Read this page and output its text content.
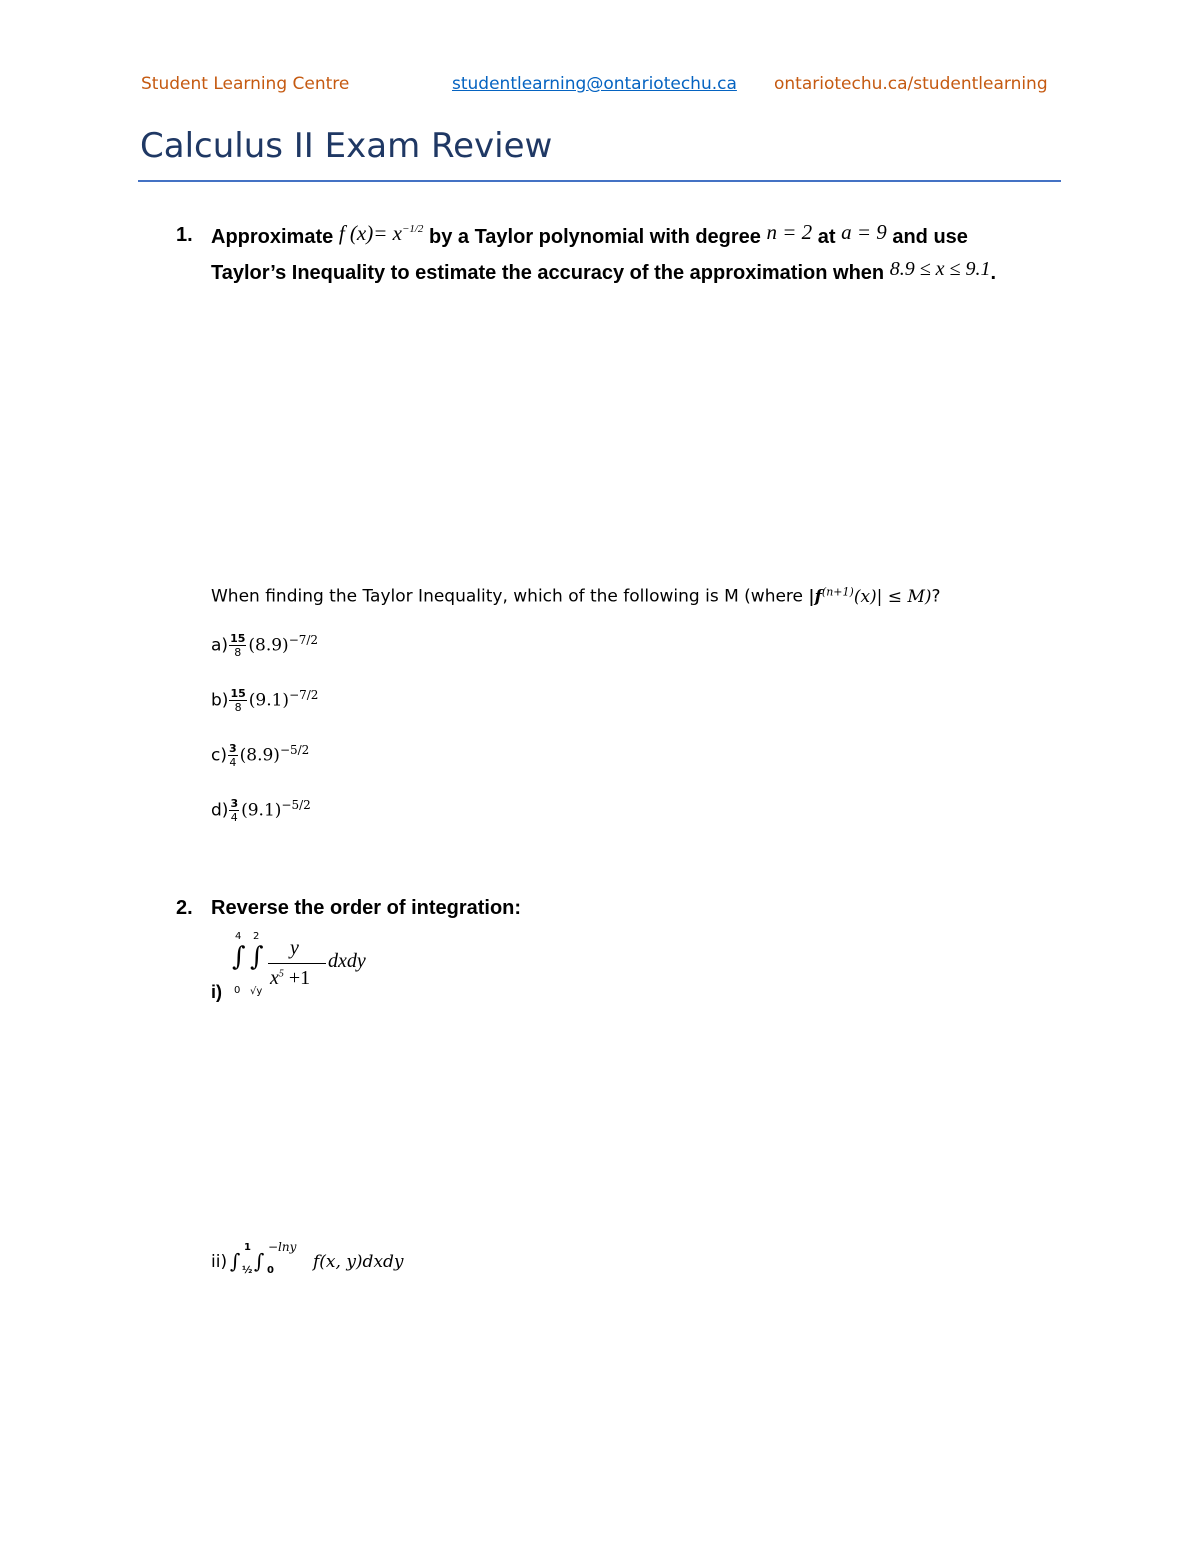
Student Learning Centre	studentlearning@ontariotechu.ca ontariotechu.ca/studentlearning
Calculus II Exam Review
1. Approximate f $(x)= x^{-1/2}$ by a Taylor polynomial with degree n = 2 at a = 9 and use
Taylor’s Inequality to estimate the accuracy of the approximation when 8.9 ≤ x ≤ 9.1.
When finding the Taylor Inequality, which of the following is M (where $|f^{(n+1)}(x)| \le M$)?
$a) \frac{15}{8} (8.9)^{-7/2}$
$b) \frac{15}{8} (9.1)^{-7/2}$
$c) \frac{3}{4} (8.9)^{-5/2}$
$d) \frac{3}{4} (9.1)^{-5/2}$
2. Reverse the order of integration:
i)
4
∫
0
2
∫
√y
y
$x^5 +1$
dxdy
ii) ∫
1
½ ∫
−lny
0 f(x, y)dxdy
